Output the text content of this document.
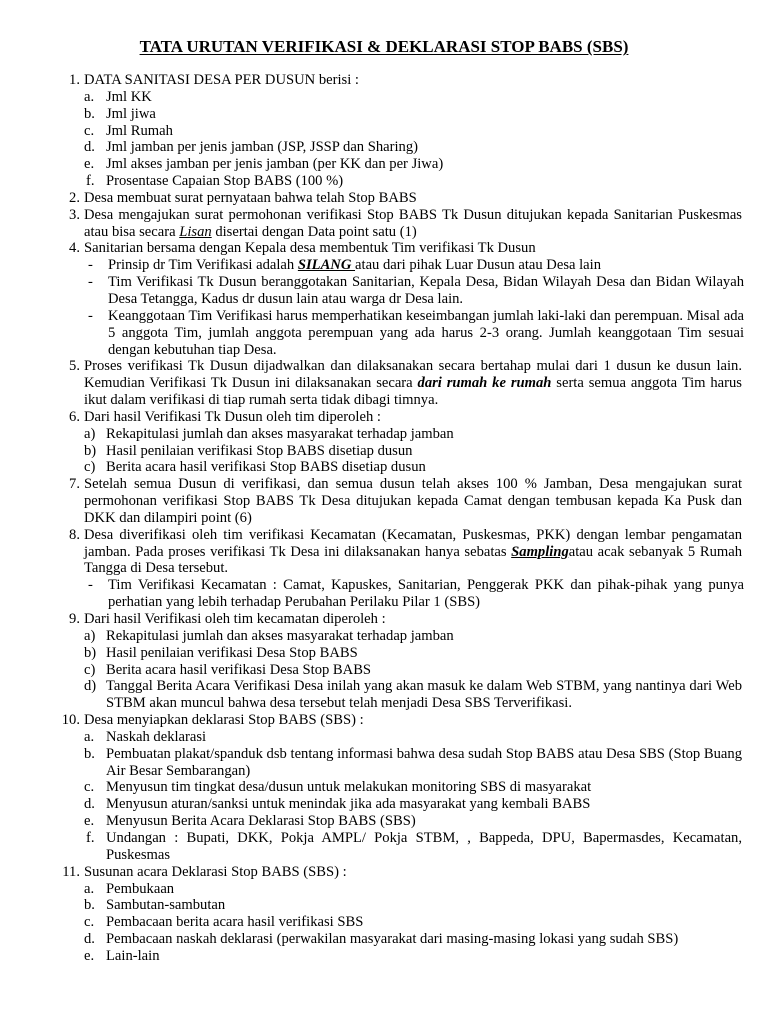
TATA URUTAN VERIFIKASI & DEKLARASI STOP BABS (SBS)
1. DATA SANITASI DESA PER DUSUN berisi :
a. Jml KK
b. Jml jiwa
c. Jml Rumah
d. Jml jamban per jenis jamban (JSP, JSSP dan Sharing)
e. Jml akses jamban per jenis jamban (per KK dan per Jiwa)
f. Prosentase Capaian Stop BABS (100 %)
2. Desa membuat surat pernyataan bahwa telah Stop BABS
3. Desa mengajukan surat permohonan verifikasi Stop BABS Tk Dusun ditujukan kepada Sanitarian Puskesmas atau bisa secara Lisan disertai dengan Data point satu (1)
4. Sanitarian bersama dengan Kepala desa membentuk Tim verifikasi Tk Dusun
- Prinsip dr Tim Verifikasi adalah SILANG atau dari pihak Luar Dusun atau Desa lain
- Tim Verifikasi Tk Dusun beranggotakan Sanitarian, Kepala Desa, Bidan Wilayah Desa dan Bidan Wilayah Desa Tetangga, Kadus dr dusun lain atau warga dr Desa lain.
- Keanggotaan Tim Verifikasi harus memperhatikan keseimbangan jumlah laki-laki dan perempuan. Misal ada 5 anggota Tim, jumlah anggota perempuan yang ada harus 2-3 orang. Jumlah keanggotaan Tim sesuai dengan kebutuhan tiap Desa.
5. Proses verifikasi Tk Dusun dijadwalkan dan dilaksanakan secara bertahap mulai dari 1 dusun ke dusun lain. Kemudian Verifikasi Tk Dusun ini dilaksanakan secara dari rumah ke rumah serta semua anggota Tim harus ikut dalam verifikasi di tiap rumah serta tidak dibagi timnya.
6. Dari hasil Verifikasi Tk Dusun oleh tim diperoleh :
a) Rekapitulasi jumlah dan akses masyarakat terhadap jamban
b) Hasil penilaian verifikasi Stop BABS disetiap dusun
c) Berita acara hasil verifikasi Stop BABS disetiap dusun
7. Setelah semua Dusun di verifikasi, dan semua dusun telah akses 100 % Jamban, Desa mengajukan surat permohonan verifikasi Stop BABS Tk Desa ditujukan kepada Camat dengan tembusan kepada Ka Pusk dan DKK dan dilampiri point (6)
8. Desa diverifikasi oleh tim verifikasi Kecamatan (Kecamatan, Puskesmas, PKK) dengan lembar pengamatan jamban. Pada proses verifikasi Tk Desa ini dilaksanakan hanya sebatas Samplingatau acak sebanyak 5 Rumah Tangga di Desa tersebut.
- Tim Verifikasi Kecamatan : Camat, Kapuskes, Sanitarian, Penggerak PKK dan pihak-pihak yang punya perhatian yang lebih terhadap Perubahan Perilaku Pilar 1 (SBS)
9. Dari hasil Verifikasi oleh tim kecamatan diperoleh :
a) Rekapitulasi jumlah dan akses masyarakat terhadap jamban
b) Hasil penilaian verifikasi Desa Stop BABS
c) Berita acara hasil verifikasi Desa Stop BABS
d) Tanggal Berita Acara Verifikasi Desa inilah yang akan masuk ke dalam Web STBM, yang nantinya dari Web STBM akan muncul bahwa desa tersebut telah menjadi Desa SBS Terverifikasi.
10. Desa menyiapkan deklarasi Stop BABS (SBS) :
a. Naskah deklarasi
b. Pembuatan plakat/spanduk dsb tentang informasi bahwa desa sudah Stop BABS atau Desa SBS (Stop Buang Air Besar Sembarangan)
c. Menyusun tim tingkat desa/dusun untuk melakukan monitoring SBS di masyarakat
d. Menyusun aturan/sanksi untuk menindak jika ada masyarakat yang kembali BABS
e. Menyusun Berita Acara Deklarasi Stop BABS (SBS)
f. Undangan : Bupati, DKK, Pokja AMPL/ Pokja STBM, , Bappeda, DPU, Bapermasdes, Kecamatan, Puskesmas
11. Susunan acara Deklarasi Stop BABS (SBS) :
a. Pembukaan
b. Sambutan-sambutan
c. Pembacaan berita acara hasil verifikasi SBS
d. Pembacaan naskah deklarasi (perwakilan masyarakat dari masing-masing lokasi yang sudah SBS)
e. Lain-lain
